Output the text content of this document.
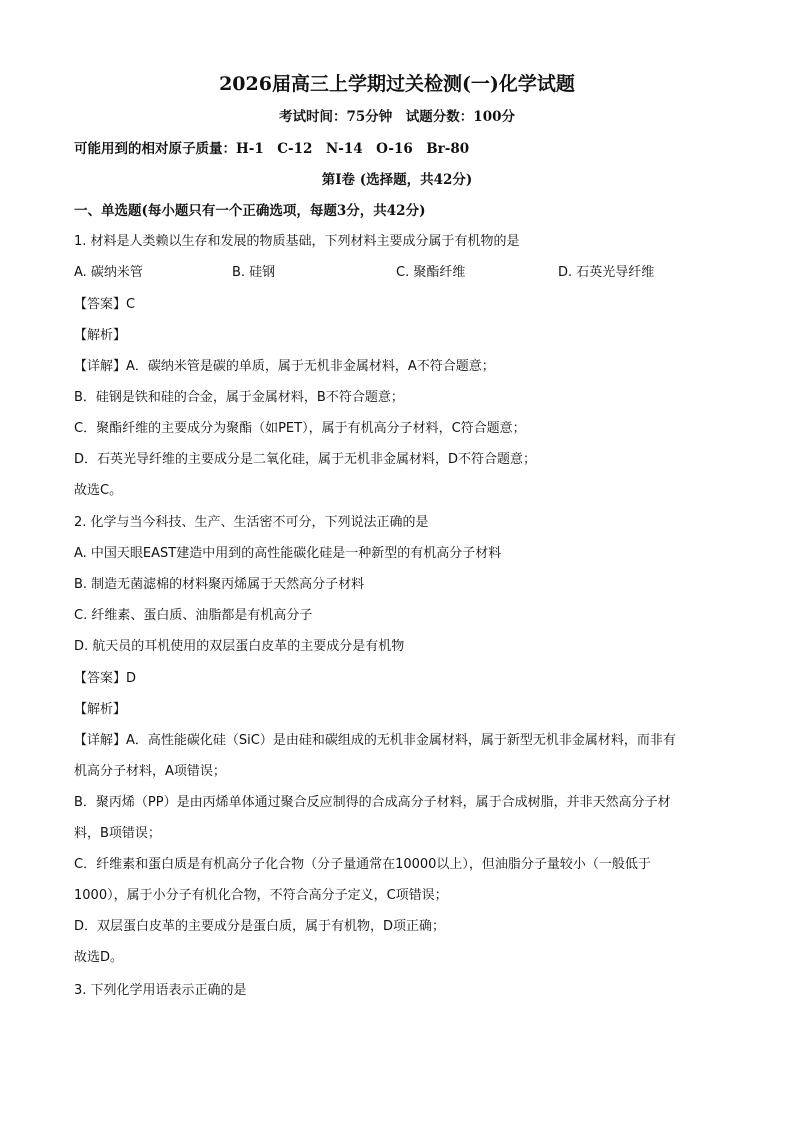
2026届高三上学期过关检测(一)化学试题
考试时间：75分钟　试题分数：100分
可能用到的相对原子质量：H-1　C-12　N-14　O-16　Br-80
第Ⅰ卷 (选择题，共42分)
一、单选题(每小题只有一个正确选项，每题3分，共42分)
1. 材料是人类赖以生存和发展的物质基础，下列材料主要成分属于有机物的是
A. 碳纳米管	B. 硅钢	C. 聚酯纤维	D. 石英光导纤维
【答案】C
【解析】
【详解】A．碳纳米管是碳的单质，属于无机非金属材料，A不符合题意；
B．硅钢是铁和硅的合金，属于金属材料，B不符合题意；
C．聚酯纤维的主要成分为聚酯（如PET），属于有机高分子材料，C符合题意；
D．石英光导纤维的主要成分是二氧化硅，属于无机非金属材料，D不符合题意；
故选C。
2. 化学与当今科技、生产、生活密不可分，下列说法正确的是
A. 中国天眼EAST建造中用到的高性能碳化硅是一种新型的有机高分子材料
B. 制造无菌滤棉的材料聚丙烯属于天然高分子材料
C. 纤维素、蛋白质、油脂都是有机高分子
D. 航天员的耳机使用的双层蛋白皮革的主要成分是有机物
【答案】D
【解析】
【详解】A．高性能碳化硅（SiC）是由硅和碳组成的无机非金属材料，属于新型无机非金属材料，而非有
机高分子材料，A项错误；
B．聚丙烯（PP）是由丙烯单体通过聚合反应制得的合成高分子材料，属于合成树脂，并非天然高分子材
料，B项错误；
C．纤维素和蛋白质是有机高分子化合物（分子量通常在10000以上），但油脂分子量较小（一般低于
1000），属于小分子有机化合物，不符合高分子定义，C项错误；
D．双层蛋白皮革的主要成分是蛋白质，属于有机物，D项正确；
故选D。
3. 下列化学用语表示正确的是
